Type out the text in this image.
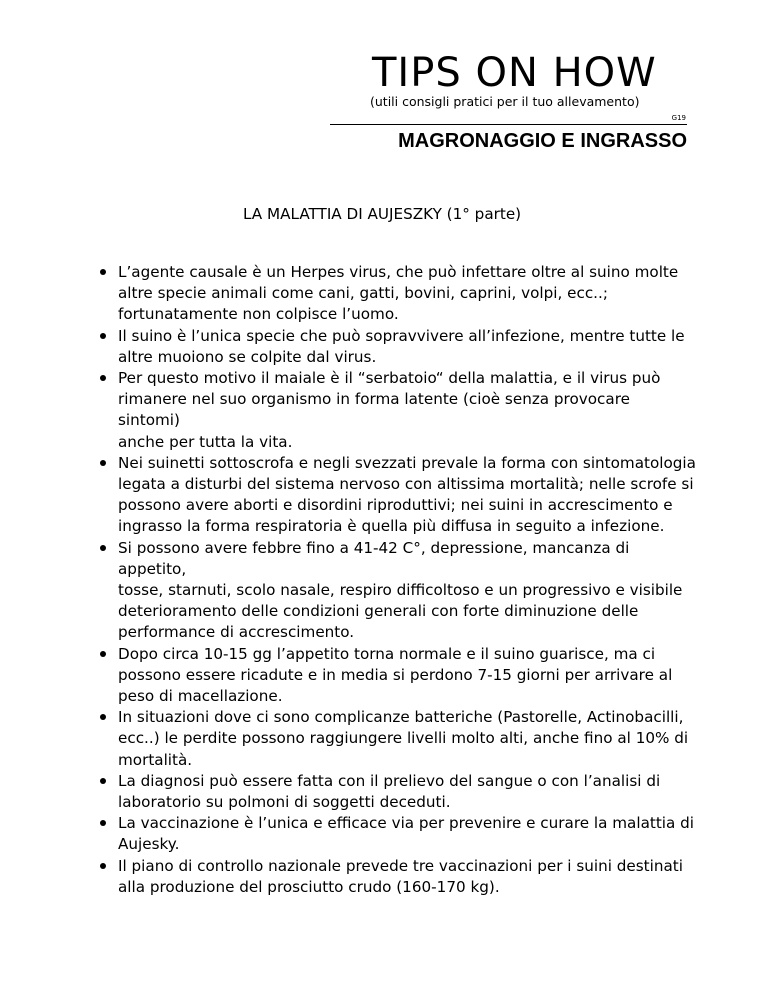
TIPS ON HOW
(utili consigli pratici per il tuo allevamento)
G19
MAGRONAGGIO E INGRASSO
LA MALATTIA DI AUJESZKY (1° parte)
L’agente causale è un Herpes virus, che può infettare oltre al suino molte
altre specie animali come cani, gatti, bovini, caprini, volpi, ecc..;
fortunatamente non colpisce l’uomo.
Il suino è l’unica specie che può sopravvivere all’infezione, mentre tutte le
altre muoiono se colpite dal virus.
Per questo motivo il maiale è il “serbatoio“ della malattia, e il virus può
rimanere nel suo organismo in forma latente (cioè senza provocare sintomi)
anche per tutta la vita.
Nei suinetti sottoscrofa e negli svezzati prevale la forma con sintomatologia
legata a disturbi del sistema nervoso con altissima mortalità; nelle scrofe si
possono avere aborti e disordini riproduttivi; nei suini in accrescimento e
ingrasso la forma respiratoria è quella più diffusa in seguito a infezione.
Si possono avere febbre fino a 41-42 C°, depressione, mancanza di appetito,
tosse, starnuti, scolo nasale, respiro difficoltoso e un progressivo e visibile
deterioramento delle condizioni generali con forte diminuzione delle
performance di accrescimento.
Dopo circa 10-15 gg l’appetito torna normale e il suino guarisce, ma ci
possono essere ricadute e in media si perdono 7-15 giorni per arrivare al
peso di macellazione.
In situazioni dove ci sono complicanze batteriche (Pastorelle, Actinobacilli,
ecc..) le perdite possono raggiungere livelli molto alti, anche fino al 10% di
mortalità.
La diagnosi può essere fatta con il prelievo del sangue o con l’analisi di
laboratorio su polmoni di soggetti deceduti.
La vaccinazione è l’unica e efficace via per prevenire e curare la malattia di
Aujesky.
Il piano di controllo nazionale prevede tre vaccinazioni per i suini destinati
alla produzione del prosciutto crudo (160-170 kg).
